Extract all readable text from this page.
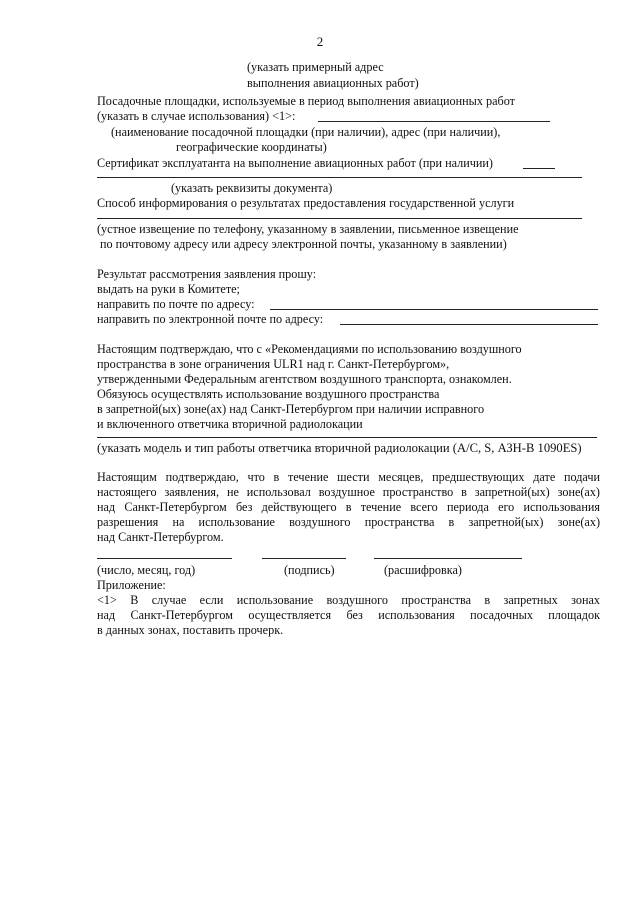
2
(указать примерный адрес
выполнения авиационных работ)
Посадочные площадки, используемые в период выполнения авиационных работ
(указать в случае использования) <1>:
(наименование посадочной площадки (при наличии), адрес (при наличии),
географические координаты)
Сертификат эксплуатанта на выполнение авиационных работ (при наличии)
(указать реквизиты документа)
Способ информирования о результатах предоставления государственной услуги
(устное извещение по телефону, указанному в заявлении, письменное извещение
по почтовому адресу или адресу электронной почты, указанному в заявлении)
Результат рассмотрения заявления прошу:
выдать на руки в Комитете;
направить по почте по адресу:
направить по электронной почте по адресу:
Настоящим подтверждаю, что с «Рекомендациями по использованию воздушного
пространства в зоне ограничения ULR1 над г. Санкт-Петербургом»,
утвержденными Федеральным агентством воздушного транспорта, ознакомлен.
Обязуюсь осуществлять использование воздушного пространства
в запретной(ых) зоне(ах) над Санкт-Петербургом при наличии исправного
и включенного ответчика вторичной радиолокации
(указать модель и тип работы ответчика вторичной радиолокации (А/С, S, АЗН-В 1090ES)
Настоящим подтверждаю, что в течение шести месяцев, предшествующих дате подачи
настоящего заявления, не использовал воздушное пространство в запретной(ых) зоне(ах)
над Санкт-Петербургом без действующего в течение всего периода его использования
разрешения на использование воздушного пространства в запретной(ых) зоне(ах)
над Санкт-Петербургом.
(число, месяц, год)	(подпись)	(расшифровка)
Приложение:
<1> В случае если использование воздушного пространства в запретных зонах
над Санкт-Петербургом осуществляется без использования посадочных площадок
в данных зонах, поставить прочерк.
